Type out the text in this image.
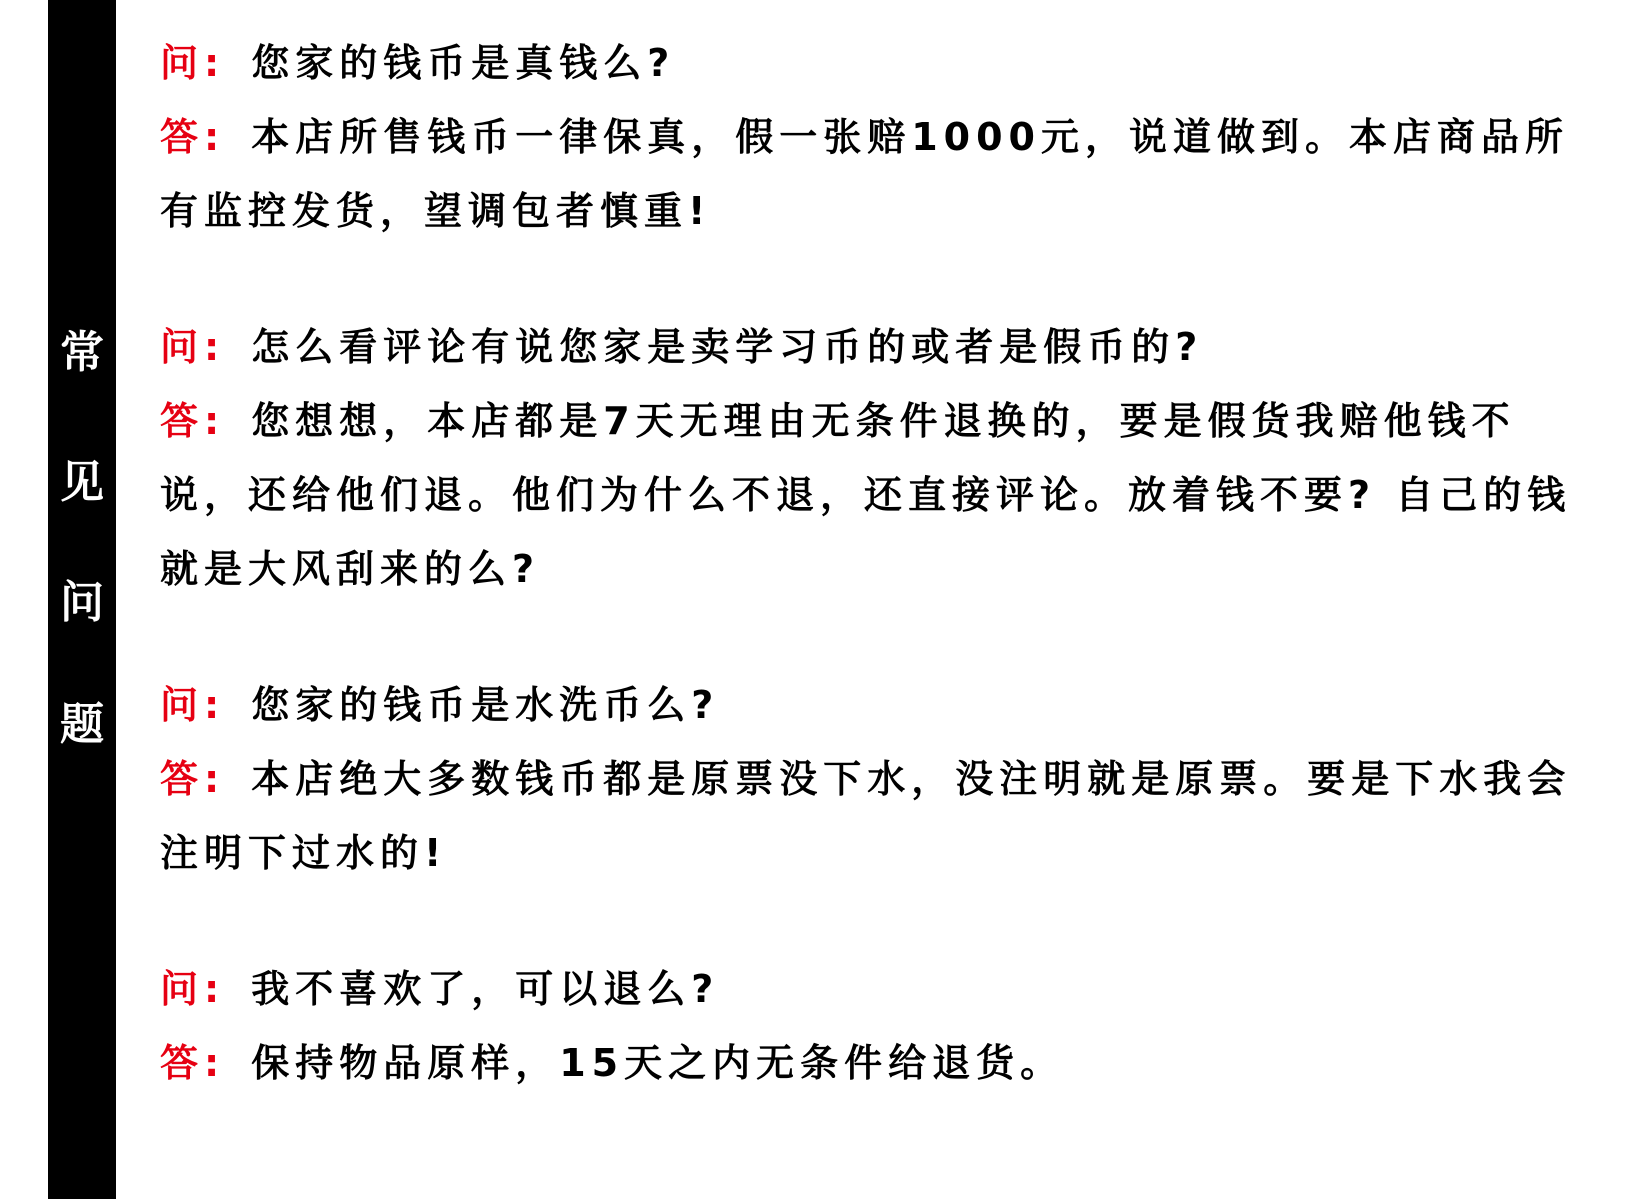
常
见
问
题
问: 您家的钱币是真钱么?
答: 本店所售钱币一律保真，假一张赔1000元，说道做到。本店商品所有监控发货，望调包者慎重!
问: 怎么看评论有说您家是卖学习币的或者是假币的?
答: 您想想，本店都是7天无理由无条件退换的，要是假货我赔他钱不说，还给他们退。他们为什么不退，还直接评论。放着钱不要? 自己的钱就是大风刮来的么?
问: 您家的钱币是水洗币么?
答: 本店绝大多数钱币都是原票没下水，没注明就是原票。要是下水我会注明下过水的!
问: 我不喜欢了，可以退么?
答: 保持物品原样，15天之内无条件给退货。
